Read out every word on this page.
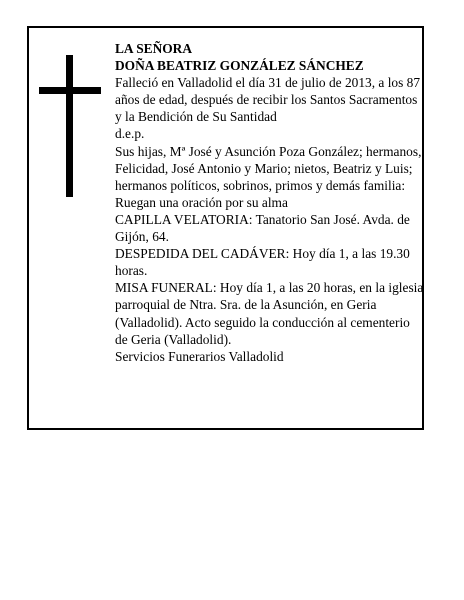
LA SEÑORA

DOÑA BEATRIZ GONZÁLEZ SÁNCHEZ

Falleció en Valladolid el día 31 de julio de 2013, a los 87 años de edad, después de recibir los Santos Sacramentos y la Bendición de Su Santidad

d.e.p.

Sus hijas, Mª José y Asunción Poza González; hermanos, Felicidad, José Antonio y Mario; nietos, Beatriz y Luis; hermanos políticos, sobrinos, primos y demás familia:

Ruegan una oración por su alma

CAPILLA VELATORIA: Tanatorio San José. Avda. de Gijón, 64.

DESPEDIDA DEL CADÁVER: Hoy día 1, a las 19.30 horas.

MISA FUNERAL: Hoy día 1, a las 20 horas, en la iglesia parroquial de Ntra. Sra. de la Asunción, en Geria (Valladolid). Acto seguido la conducción al cementerio de Geria (Valladolid).

Servicios Funerarios Valladolid
